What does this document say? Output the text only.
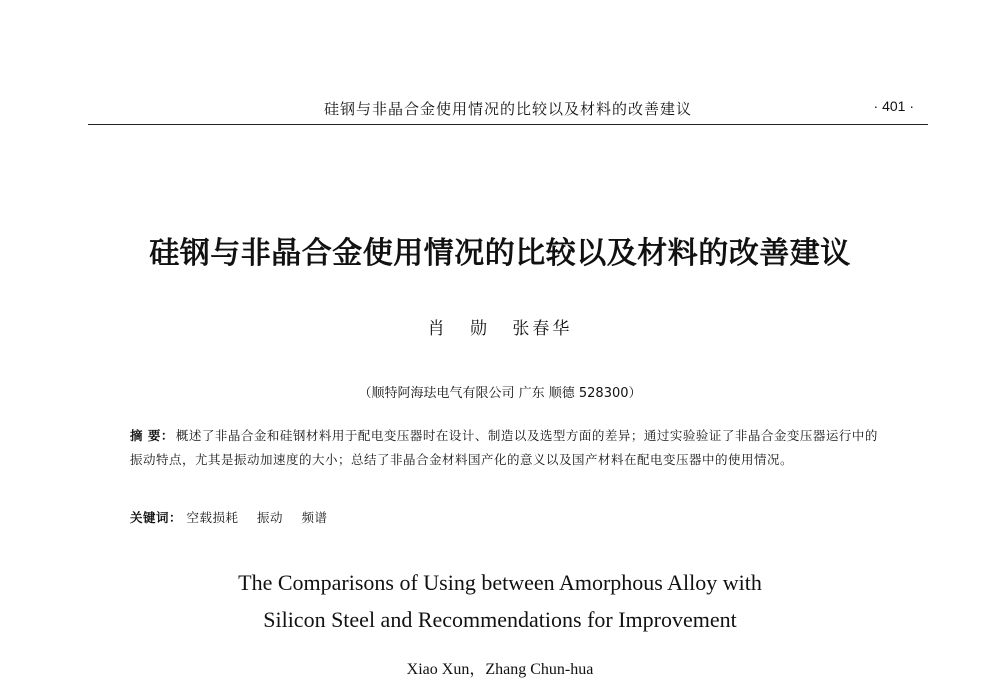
硅钢与非晶合金使用情况的比较以及材料的改善建议	· 401 ·
硅钢与非晶合金使用情况的比较以及材料的改善建议
肖 勋 张春华
（顺特阿海珐电气有限公司 广东 顺德 528300）
摘 要： 概述了非晶合金和硅钢材料用于配电变压器时在设计、制造以及选型方面的差异；通过实验验证了非晶合金变压器运行中的振动特点，尤其是振动加速度的大小；总结了非晶合金材料国产化的意义以及国产材料在配电变压器中的使用情况。
关键词： 空载损耗 振动 频谱
The Comparisons of Using between Amorphous Alloy with
Silicon Steel and Recommendations for Improvement
Xiao Xun，Zhang Chun-hua
